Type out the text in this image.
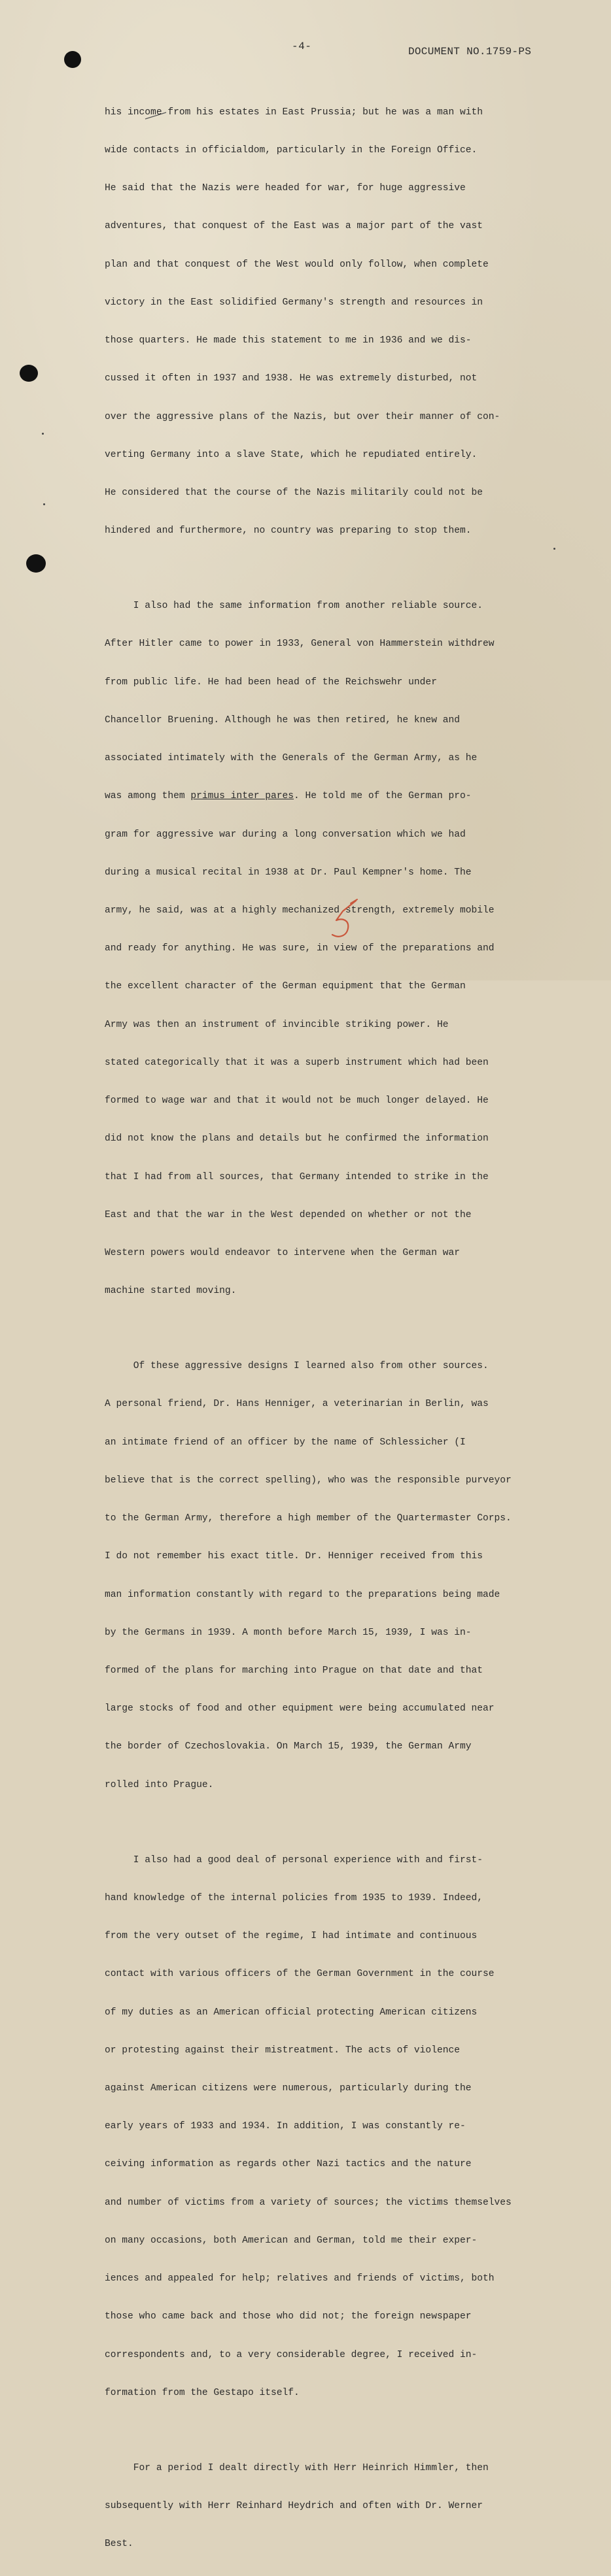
-4-	DOCUMENT NO.1759-PS

his income from his estates in East Prussia; but he was a man with

wide contacts in officialdom, particularly in the Foreign Office.

He said that the Nazis were headed for war, for huge aggressive

adventures, that conquest of the East was a major part of the vast

plan and that conquest of the West would only follow, when complete

victory in the East solidified Germany's strength and resources in

those quarters. He made this statement to me in 1936 and we dis-

cussed it often in 1937 and 1938. He was extremely disturbed, not

over the aggressive plans of the Nazis, but over their manner of con-

verting Germany into a slave State, which he repudiated entirely.

He considered that the course of the Nazis militarily could not be

hindered and furthermore, no country was preparing to stop them.

I also had the same information from another reliable source.

After Hitler came to power in 1933, General von Hammerstein withdrew

from public life. He had been head of the Reichswehr under

Chancellor Bruening. Although he was then retired, he knew and

associated intimately with the Generals of the German Army, as he

was among them primus inter pares. He told me of the German pro-

gram for aggressive war during a long conversation which we had

during a musical recital in 1938 at Dr. Paul Kempner's home. The

army, he said, was at a highly mechanized strength, extremely mobile

and ready for anything. He was sure, in view of the preparations and

the excellent character of the German equipment that the German

Army was then an instrument of invincible striking power. He

stated categorically that it was a superb instrument which had been

formed to wage war and that it would not be much longer delayed. He

did not know the plans and details but he confirmed the information

that I had from all sources, that Germany intended to strike in the

East and that the war in the West depended on whether or not the

Western powers would endeavor to intervene when the German war

machine started moving.

Of these aggressive designs I learned also from other sources.

A personal friend, Dr. Hans Henniger, a veterinarian in Berlin, was

an intimate friend of an officer by the name of Schlessicher (I

believe that is the correct spelling), who was the responsible purveyor

to the German Army, therefore a high member of the Quartermaster Corps.

I do not remember his exact title. Dr. Henniger received from this

man information constantly with regard to the preparations being made

by the Germans in 1939. A month before March 15, 1939, I was in-

formed of the plans for marching into Prague on that date and that

large stocks of food and other equipment were being accumulated near

the border of Czechoslovakia. On March 15, 1939, the German Army

rolled into Prague.

I also had a good deal of personal experience with and first-

hand knowledge of the internal policies from 1935 to 1939. Indeed,

from the very outset of the regime, I had intimate and continuous

contact with various officers of the German Government in the course

of my duties as an American official protecting American citizens

or protesting against their mistreatment. The acts of violence

against American citizens were numerous, particularly during the

early years of 1933 and 1934. In addition, I was constantly re-

ceiving information as regards other Nazi tactics and the nature

and number of victims from a variety of sources; the victims themselves

on many occasions, both American and German, told me their exper-

iences and appealed for help; relatives and friends of victims, both

those who came back and those who did not; the foreign newspaper

correspondents and, to a very considerable degree, I received in-

formation from the Gestapo itself.

For a period I dealt directly with Herr Heinrich Himmler, then

subsequently with Herr Reinhard Heydrich and often with Dr. Werner

Best.
